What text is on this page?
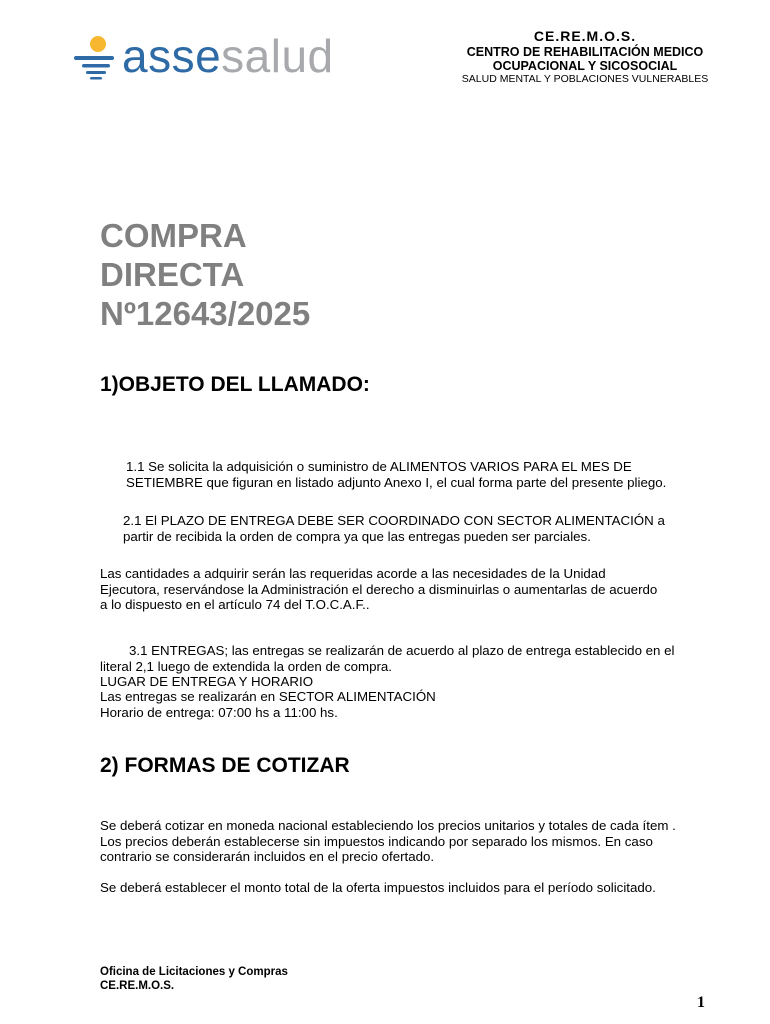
assesalud	CE.RE.M.O.S.
CENTRO DE REHABILITACIÓN MEDICO
OCUPACIONAL Y SICOSOCIAL
SALUD MENTAL Y POBLACIONES VULNERABLES
COMPRA
DIRECTA
Nº12643/2025
1)OBJETO DEL LLAMADO:
1.1 Se solicita la adquisición o suministro de ALIMENTOS VARIOS PARA EL MES DE SETIEMBRE que figuran en listado adjunto Anexo I, el cual forma parte del presente pliego.
2.1 El PLAZO DE ENTREGA DEBE SER COORDINADO CON SECTOR ALIMENTACIÓN a partir de recibida la orden de compra ya que las entregas pueden ser parciales.
Las cantidades a adquirir serán las requeridas acorde a las necesidades de la Unidad Ejecutora, reservándose la Administración el derecho a disminuirlas o aumentarlas de acuerdo a lo dispuesto en el artículo 74 del T.O.C.A.F..
3.1 ENTREGAS; las entregas se realizarán de acuerdo al plazo de entrega establecido en el literal 2,1 luego de extendida la orden de compra.
LUGAR DE ENTREGA Y HORARIO
Las entregas se realizarán en SECTOR ALIMENTACIÓN
Horario de entrega: 07:00 hs a 11:00 hs.
2) FORMAS DE COTIZAR
Se deberá cotizar en moneda nacional estableciendo los precios unitarios y totales de cada ítem . Los precios deberán establecerse sin impuestos indicando por separado los mismos. En caso contrario se considerarán incluidos en el precio ofertado.
Se deberá establecer el monto total de la oferta impuestos incluidos para el período solicitado.
Oficina de Licitaciones y Compras
CE.RE.M.O.S.
1
